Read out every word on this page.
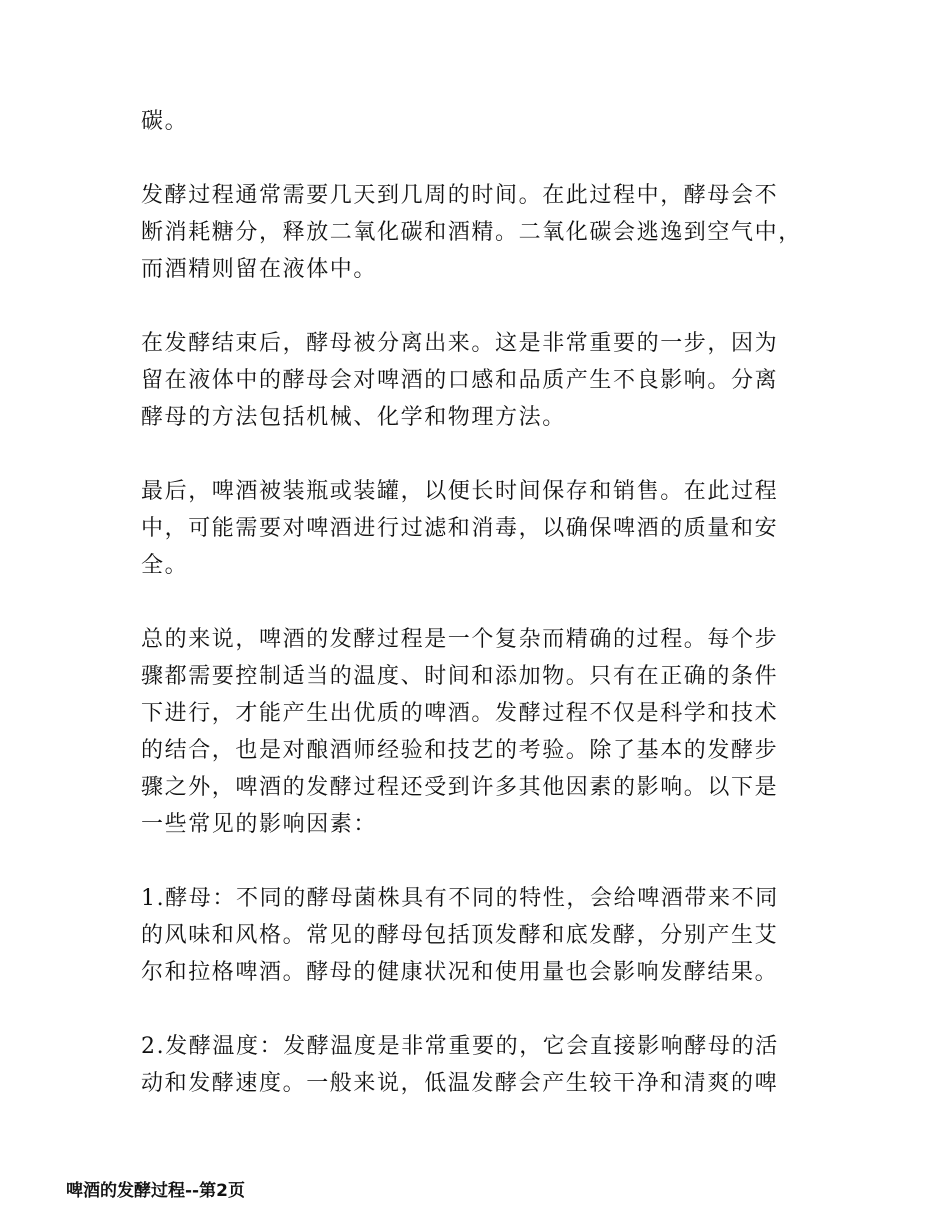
碳。

发酵过程通常需要几天到几周的时间。在此过程中，酵母会不
断消耗糖分，释放二氧化碳和酒精。二氧化碳会逃逸到空气中，
而酒精则留在液体中。

在发酵结束后，酵母被分离出来。这是非常重要的一步，因为
留在液体中的酵母会对啤酒的口感和品质产生不良影响。分离
酵母的方法包括机械、化学和物理方法。

最后，啤酒被装瓶或装罐，以便长时间保存和销售。在此过程
中，可能需要对啤酒进行过滤和消毒，以确保啤酒的质量和安
全。

总的来说，啤酒的发酵过程是一个复杂而精确的过程。每个步
骤都需要控制适当的温度、时间和添加物。只有在正确的条件
下进行，才能产生出优质的啤酒。发酵过程不仅是科学和技术
的结合，也是对酿酒师经验和技艺的考验。除了基本的发酵步
骤之外，啤酒的发酵过程还受到许多其他因素的影响。以下是
一些常见的影响因素：

1.酵母：不同的酵母菌株具有不同的特性，会给啤酒带来不同
的风味和风格。常见的酵母包括顶发酵和底发酵，分别产生艾
尔和拉格啤酒。酵母的健康状况和使用量也会影响发酵结果。

2.发酵温度：发酵温度是非常重要的，它会直接影响酵母的活
动和发酵速度。一般来说，低温发酵会产生较干净和清爽的啤

啤酒的发酵过程--第2页
